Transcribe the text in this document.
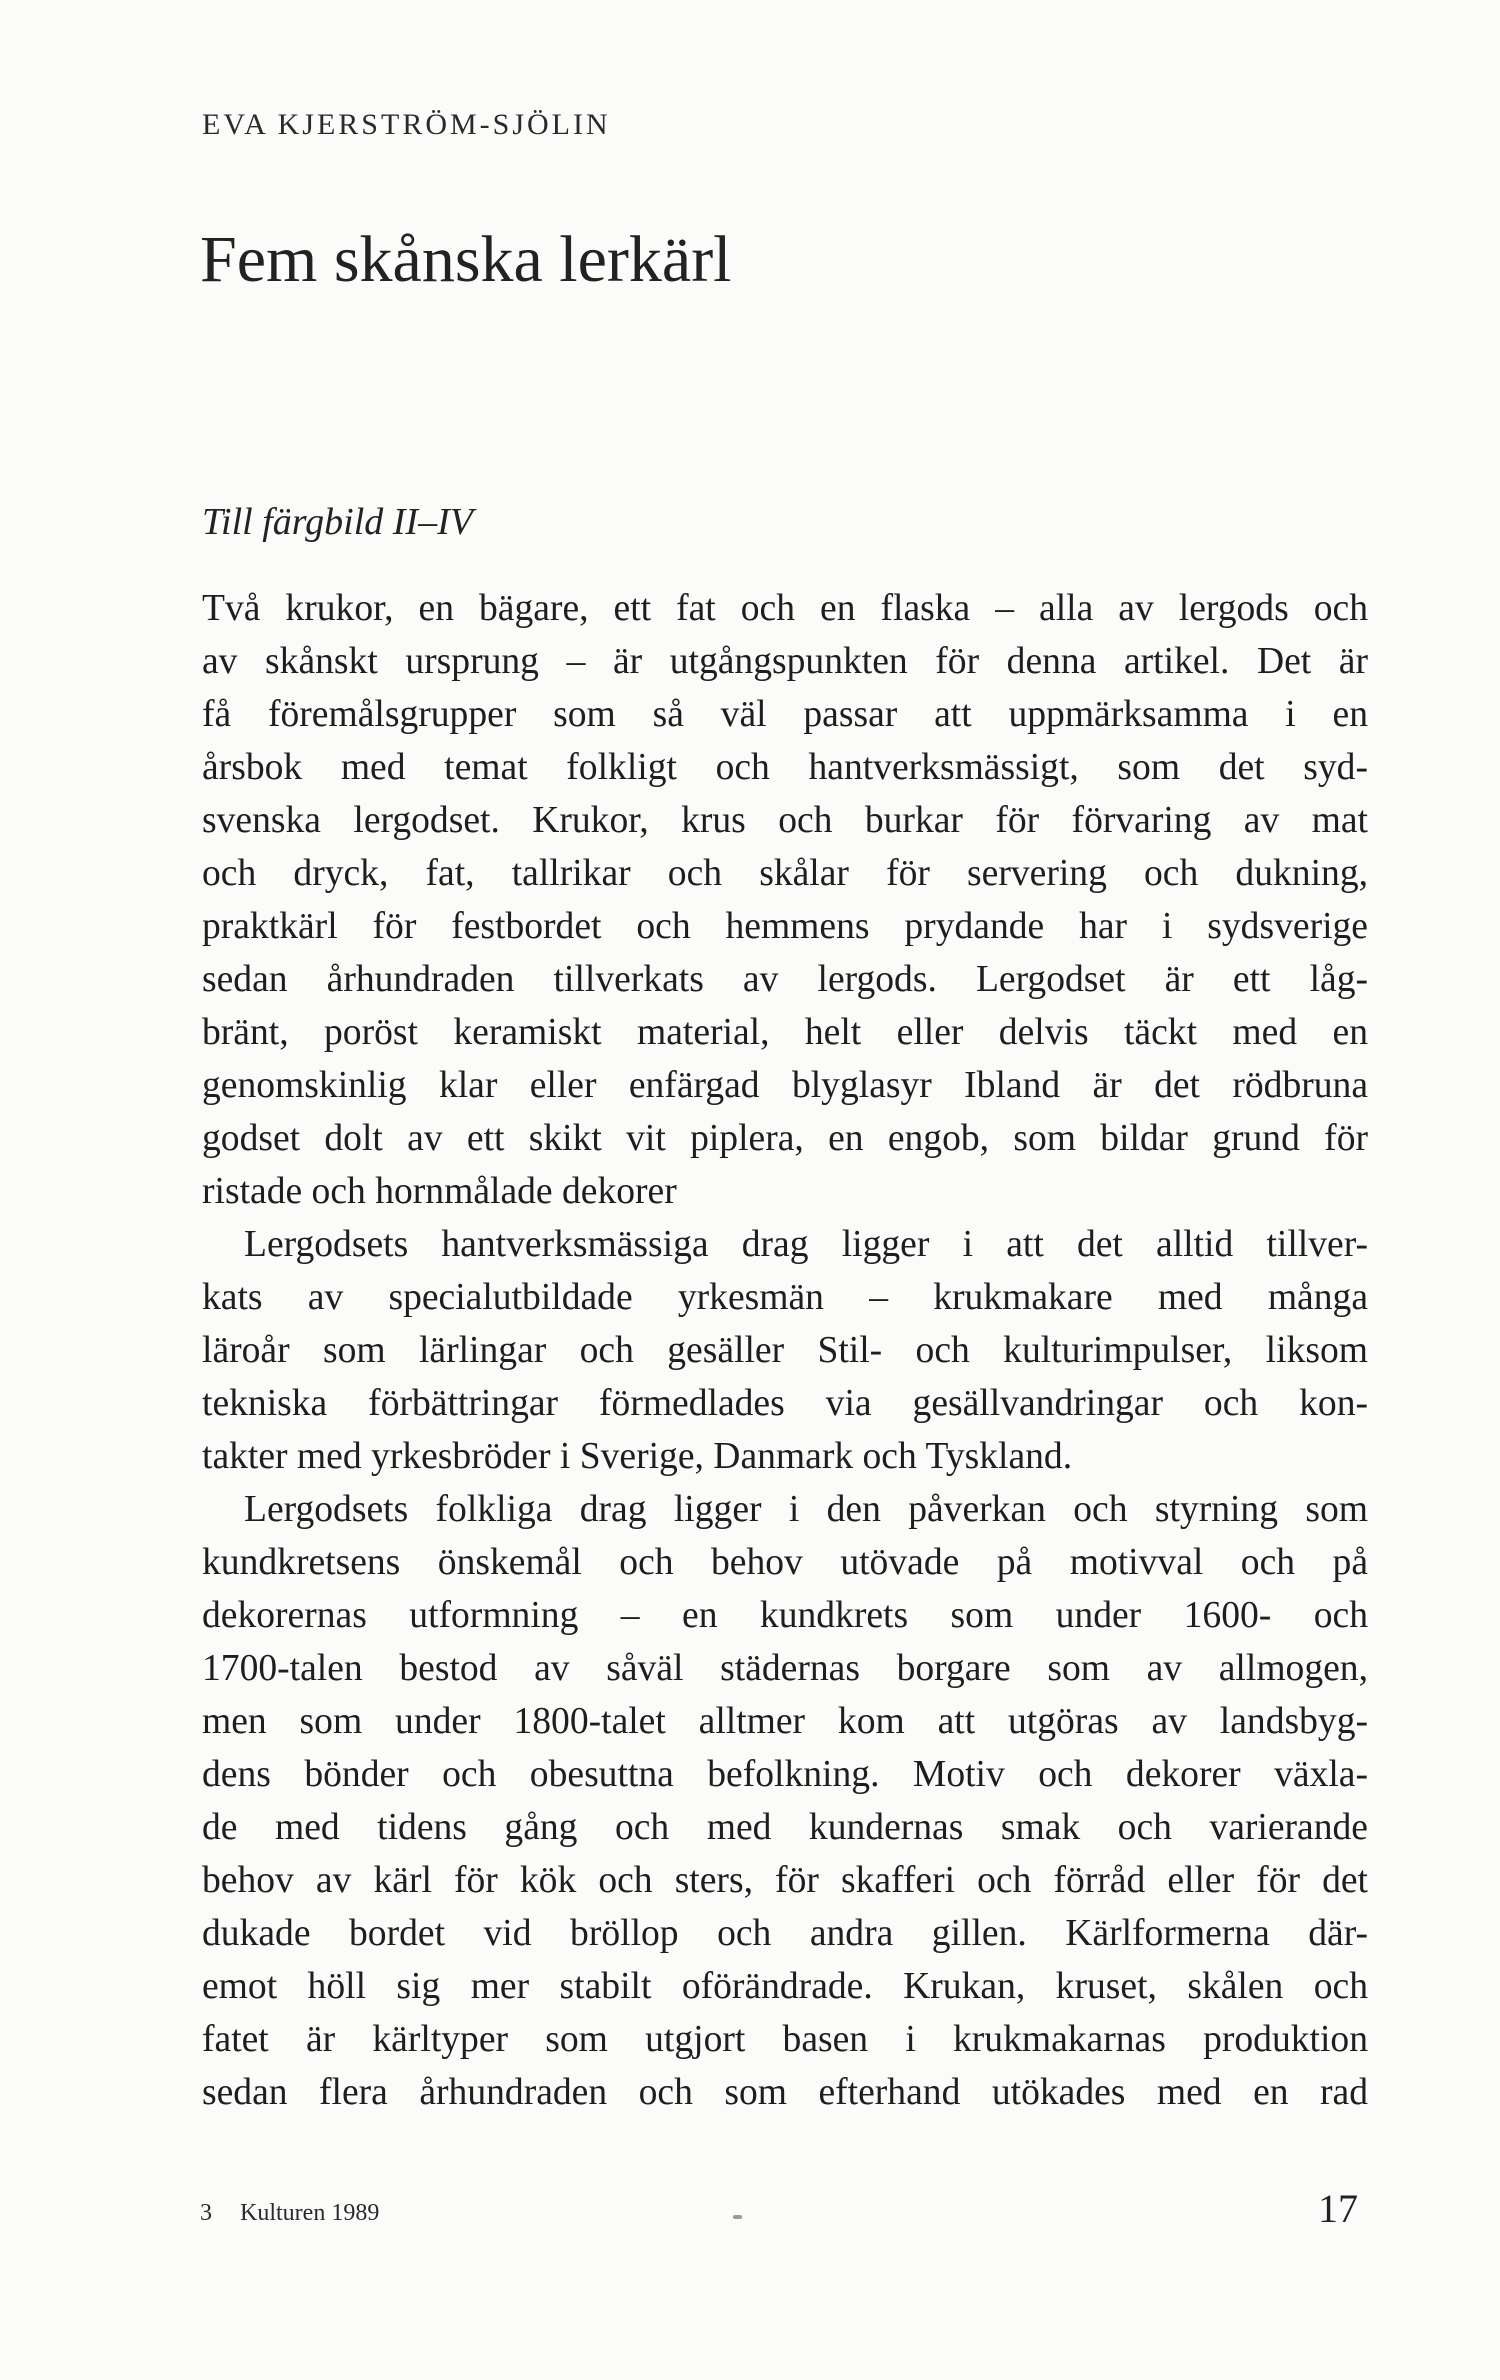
EVA KJERSTRÖM-SJÖLIN
Fem skånska lerkärl
Till färgbild II–IV

Två krukor, en bägare, ett fat och en flaska – alla av lergods och

av skånskt ursprung – är utgångspunkten för denna artikel. Det är

få föremålsgrupper som så väl passar att uppmärksamma i en

årsbok med temat folkligt och hantverksmässigt, som det syd-

svenska lergodset. Krukor, krus och burkar för förvaring av mat

och dryck, fat, tallrikar och skålar för servering och dukning,

praktkärl för festbordet och hemmens prydande har i sydsverige

sedan århundraden tillverkats av lergods. Lergodset är ett låg-

bränt, poröst keramiskt material, helt eller delvis täckt med en

genomskinlig klar eller enfärgad blyglasyr Ibland är det rödbruna

godset dolt av ett skikt vit piplera, en engob, som bildar grund för

ristade och hornmålade dekorer

Lergodsets hantverksmässiga drag ligger i att det alltid tillver-

kats av specialutbildade yrkesmän – krukmakare med många

läroår som lärlingar och gesäller Stil- och kulturimpulser, liksom

tekniska förbättringar förmedlades via gesällvandringar och kon-

takter med yrkesbröder i Sverige, Danmark och Tyskland.

Lergodsets folkliga drag ligger i den påverkan och styrning som

kundkretsens önskemål och behov utövade på motivval och på

dekorernas utformning – en kundkrets som under 1600- och

1700-talen bestod av såväl städernas borgare som av allmogen,

men som under 1800-talet alltmer kom att utgöras av landsbyg-

dens bönder och obesuttna befolkning. Motiv och dekorer växla-

de med tidens gång och med kundernas smak och varierande

behov av kärl för kök och sters, för skafferi och förråd eller för det

dukade bordet vid bröllop och andra gillen. Kärlformerna där-

emot höll sig mer stabilt oförändrade. Krukan, kruset, skålen och

fatet är kärltyper som utgjort basen i krukmakarnas produktion

sedan flera århundraden och som efterhand utökades med en rad

3 Kulturen 1989	17
